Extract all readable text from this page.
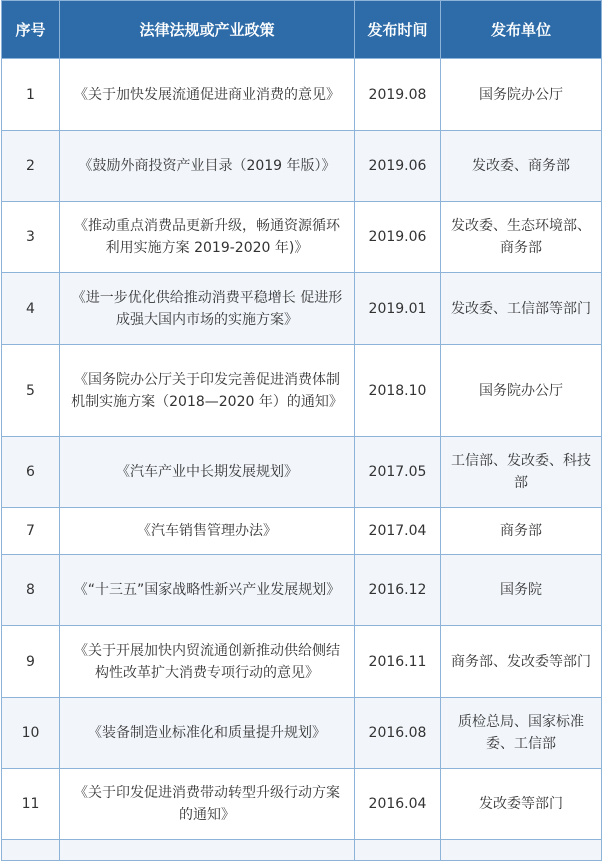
序号	法律法规或产业政策	发布时间	发布单位
1	《关于加快发展流通促进商业消费的意见》	2019.08	国务院办公厅
2	《鼓励外商投资产业目录（2019 年版）》	2019.06	发改委、商务部
3	《推动重点消费品更新升级，畅通资源循环利用实施方案 2019-2020 年)》	2019.06	发改委、生态环境部、商务部
4	《进一步优化供给推动消费平稳增长 促进形成强大国内市场的实施方案》	2019.01	发改委、工信部等部门
5	《国务院办公厅关于印发完善促进消费体制机制实施方案（2018—2020 年）的通知》	2018.10	国务院办公厅
6	《汽车产业中长期发展规划》	2017.05	工信部、发改委、科技部
7	《汽车销售管理办法》	2017.04	商务部
8	《“十三五”国家战略性新兴产业发展规划》	2016.12	国务院
9	《关于开展加快内贸流通创新推动供给侧结构性改革扩大消费专项行动的意见》	2016.11	商务部、发改委等部门
10	《装备制造业标准化和质量提升规划》	2016.08	质检总局、国家标准委、工信部
11	《关于印发促进消费带动转型升级行动方案的通知》	2016.04	发改委等部门
